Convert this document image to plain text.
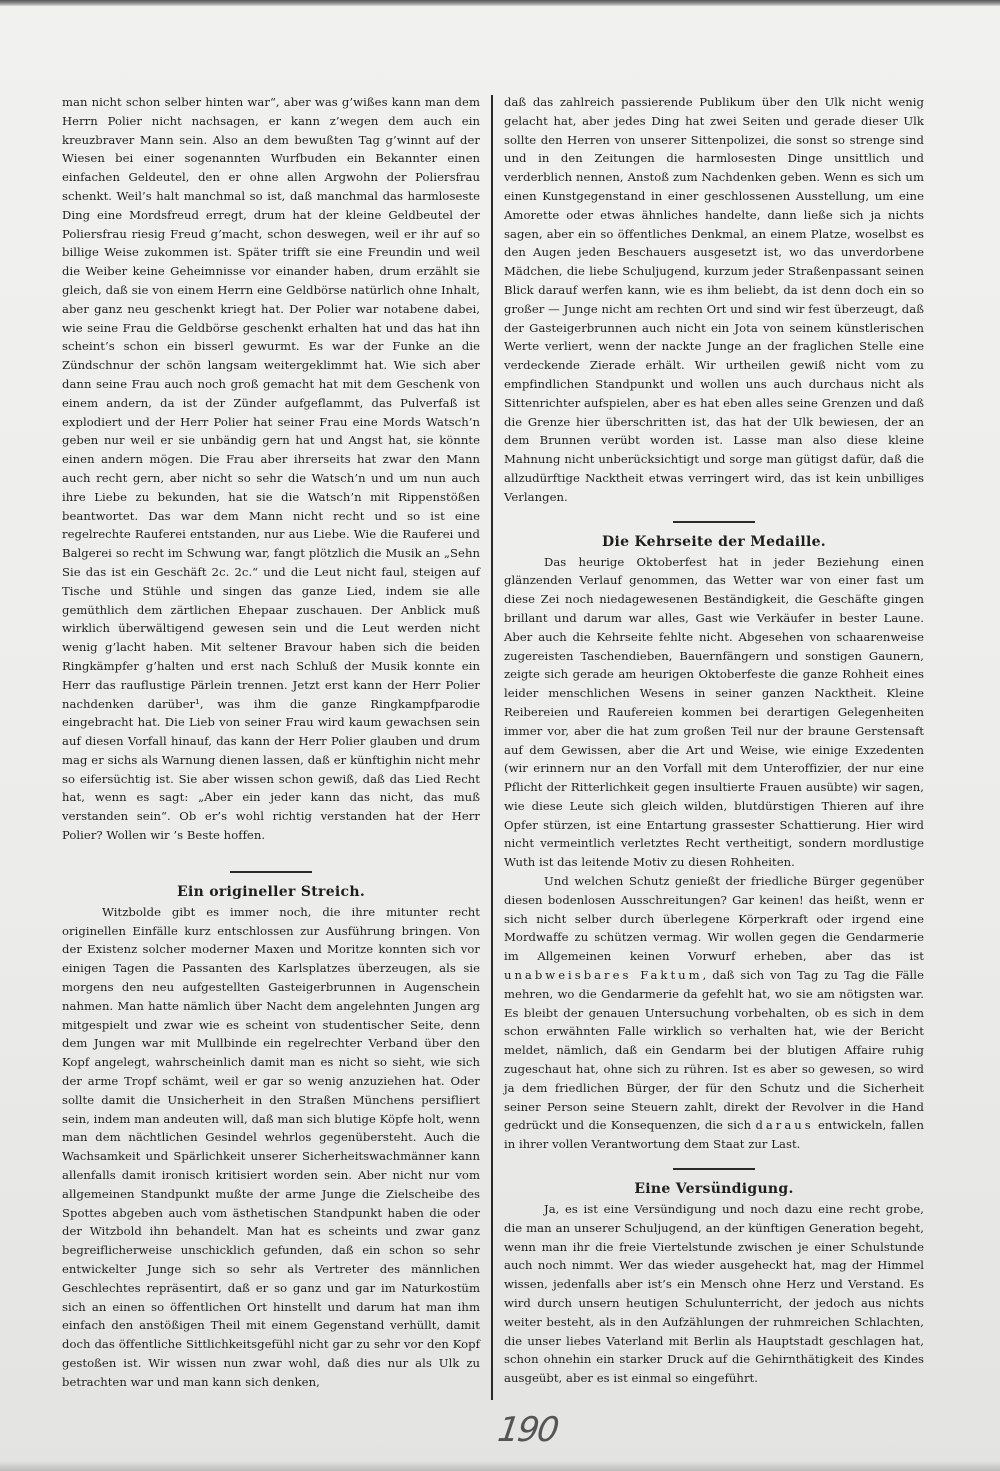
man nicht schon selber hinten war“, aber was g’wißes kann man dem Herrn Polier nicht nachsagen, er kann z’wegen dem auch ein kreuzbraver Mann sein. Also an dem bewußten Tag g’winnt auf der Wiesen bei einer sogenannten Wurfbuden ein Bekannter einen einfachen Geldeutel, den er ohne allen Argwohn der Poliersfrau schenkt. Weil’s halt manchmal so ist, daß manchmal das harmloseste Ding eine Mordsfreud erregt, drum hat der kleine Geldbeutel der Poliersfrau riesig Freud g’macht, schon deswegen, weil er ihr auf so billige Weise zukommen ist. Später trifft sie eine Freundin und weil die Weiber keine Geheimnisse vor einander haben, drum erzählt sie gleich, daß sie von einem Herrn eine Geldbörse natürlich ohne Inhalt, aber ganz neu geschenkt kriegt hat. Der Polier war notabene dabei, wie seine Frau die Geldbörse geschenkt erhalten hat und das hat ihn scheint’s schon ein bisserl gewurmt. Es war der Funke an die Zündschnur der schön langsam weitergeklimmt hat. Wie sich aber dann seine Frau auch noch groß gemacht hat mit dem Geschenk von einem andern, da ist der Zünder aufgeflammt, das Pulverfaß ist explodiert und der Herr Polier hat seiner Frau eine Mords Watsch’n geben nur weil er sie unbändig gern hat und Angst hat, sie könnte einen andern mögen. Die Frau aber ihrerseits hat zwar den Mann auch recht gern, aber nicht so sehr die Watsch’n und um nun auch ihre Liebe zu bekunden, hat sie die Watsch’n mit Rippenstößen beantwortet. Das war dem Mann nicht recht und so ist eine regelrechte Rauferei entstanden, nur aus Liebe. Wie die Rauferei und Balgerei so recht im Schwung war, fangt plötzlich die Musik an „Sehn Sie das ist ein Geschäft 2c. 2c.“ und die Leut nicht faul, steigen auf Tische und Stühle und singen das ganze Lied, indem sie alle gemüthlich dem zärtlichen Ehepaar zuschauen. Der Anblick muß wirklich überwältigend gewesen sein und die Leut werden nicht wenig g’lacht haben. Mit seltener Bravour haben sich die beiden Ringkämpfer g’halten und erst nach Schluß der Musik konnte ein Herr das rauflustige Pärlein trennen. Jetzt erst kann der Herr Polier nachdenken darüber¹, was ihm die ganze Ringkampfparodie eingebracht hat. Die Lieb von seiner Frau wird kaum gewachsen sein auf diesen Vorfall hinauf, das kann der Herr Polier glauben und drum mag er sichs als Warnung dienen lassen, daß er künftighin nicht mehr so eifersüchtig ist. Sie aber wissen schon gewiß, daß das Lied Recht hat, wenn es sagt: „Aber ein jeder kann das nicht, das muß verstanden sein“. Ob er’s wohl richtig verstanden hat der Herr Polier? Wollen wir ’s Beste hoffen.

Ein origineller Streich.

Witzbolde gibt es immer noch, die ihre mitunter recht originellen Einfälle kurz entschlossen zur Ausführung bringen. Von der Existenz solcher moderner Maxen und Moritze konnten sich vor einigen Tagen die Passanten des Karlsplatzes überzeugen, als sie morgens den neu aufgestellten Gasteigerbrunnen in Augenschein nahmen. Man hatte nämlich über Nacht dem angelehnten Jungen arg mitgespielt und zwar wie es scheint von studentischer Seite, denn dem Jungen war mit Mullbinde ein regelrechter Verband über den Kopf angelegt, wahrscheinlich damit man es nicht so sieht, wie sich der arme Tropf schämt, weil er gar so wenig anzuziehen hat. Oder sollte damit die Unsicherheit in den Straßen Münchens persifliert sein, indem man andeuten will, daß man sich blutige Köpfe holt, wenn man dem nächtlichen Gesindel wehrlos gegenübersteht. Auch die Wachsamkeit und Spärlichkeit unserer Sicherheitswachmänner kann allenfalls damit ironisch kritisiert worden sein. Aber nicht nur vom allgemeinen Standpunkt mußte der arme Junge die Zielscheibe des Spottes abgeben auch vom ästhetischen Standpunkt haben die oder der Witzbold ihn behandelt. Man hat es scheints und zwar ganz begreiflicherweise unschicklich gefunden, daß ein schon so sehr entwickelter Junge sich so sehr als Vertreter des männlichen Geschlechtes repräsentirt, daß er so ganz und gar im Naturkostüm sich an einen so öffentlichen Ort hinstellt und darum hat man ihm einfach den anstößigen Theil mit einem Gegenstand verhüllt, damit doch das öffentliche Sittlichkeitsgefühl nicht gar zu sehr vor den Kopf gestoßen ist. Wir wissen nun zwar wohl, daß dies nur als Ulk zu betrachten war und man kann sich denken,

daß das zahlreich passierende Publikum über den Ulk nicht wenig gelacht hat, aber jedes Ding hat zwei Seiten und gerade dieser Ulk sollte den Herren von unserer Sittenpolizei, die sonst so strenge sind und in den Zeitungen die harmlosesten Dinge unsittlich und verderblich nennen, Anstoß zum Nachdenken geben. Wenn es sich um einen Kunstgegenstand in einer geschlossenen Ausstellung, um eine Amorette oder etwas ähnliches handelte, dann ließe sich ja nichts sagen, aber ein so öffentliches Denkmal, an einem Platze, woselbst es den Augen jeden Beschauers ausgesetzt ist, wo das unverdorbene Mädchen, die liebe Schuljugend, kurzum jeder Straßenpassant seinen Blick darauf werfen kann, wie es ihm beliebt, da ist denn doch ein so großer — Junge nicht am rechten Ort und sind wir fest überzeugt, daß der Gasteigerbrunnen auch nicht ein Jota von seinem künstlerischen Werte verliert, wenn der nackte Junge an der fraglichen Stelle eine verdeckende Zierade erhält. Wir urtheilen gewiß nicht vom zu empfindlichen Standpunkt und wollen uns auch durchaus nicht als Sittenrichter aufspielen, aber es hat eben alles seine Grenzen und daß die Grenze hier überschritten ist, das hat der Ulk bewiesen, der an dem Brunnen verübt worden ist. Lasse man also diese kleine Mahnung nicht unberücksichtigt und sorge man gütigst dafür, daß die allzudürftige Nacktheit etwas verringert wird, das ist kein unbilliges Verlangen.

Die Kehrseite der Medaille.

Das heurige Oktoberfest hat in jeder Beziehung einen glänzenden Verlauf genommen, das Wetter war von einer fast um diese Zei noch niedagewesenen Beständigkeit, die Geschäfte gingen brillant und darum war alles, Gast wie Verkäufer in bester Laune. Aber auch die Kehrseite fehlte nicht. Abgesehen von schaarenweise zugereisten Taschendieben, Bauernfängern und sonstigen Gaunern, zeigte sich gerade am heurigen Oktoberfeste die ganze Rohheit eines leider menschlichen Wesens in seiner ganzen Nacktheit. Kleine Reibereien und Raufereien kommen bei derartigen Gelegenheiten immer vor, aber die hat zum großen Teil nur der braune Gerstensaft auf dem Gewissen, aber die Art und Weise, wie einige Exzedenten (wir erinnern nur an den Vorfall mit dem Unteroffizier, der nur eine Pflicht der Ritterlichkeit gegen insultierte Frauen ausübte) wir sagen, wie diese Leute sich gleich wilden, blutdürstigen Thieren auf ihre Opfer stürzen, ist eine Entartung grassester Schattierung. Hier wird nicht vermeintlich verletztes Recht vertheitigt, sondern mordlustige Wuth ist das leitende Motiv zu diesen Rohheiten.

Und welchen Schutz genießt der friedliche Bürger gegenüber diesen bodenlosen Ausschreitungen? Gar keinen! das heißt, wenn er sich nicht selber durch überlegene Körperkraft oder irgend eine Mordwaffe zu schützen vermag. Wir wollen gegen die Gendarmerie im Allgemeinen keinen Vorwurf erheben, aber das ist unabweisbares Faktum, daß sich von Tag zu Tag die Fälle mehren, wo die Gendarmerie da gefehlt hat, wo sie am nötigsten war. Es bleibt der genauen Untersuchung vorbehalten, ob es sich in dem schon erwähnten Falle wirklich so verhalten hat, wie der Bericht meldet, nämlich, daß ein Gendarm bei der blutigen Affaire ruhig zugeschaut hat, ohne sich zu rühren. Ist es aber so gewesen, so wird ja dem friedlichen Bürger, der für den Schutz und die Sicherheit seiner Person seine Steuern zahlt, direkt der Revolver in die Hand gedrückt und die Konsequenzen, die sich daraus entwickeln, fallen in ihrer vollen Verantwortung dem Staat zur Last.

Eine Versündigung.

Ja, es ist eine Versündigung und noch dazu eine recht grobe, die man an unserer Schuljugend, an der künftigen Generation begeht, wenn man ihr die freie Viertelstunde zwischen je einer Schulstunde auch noch nimmt. Wer das wieder ausgeheckt hat, mag der Himmel wissen, jedenfalls aber ist’s ein Mensch ohne Herz und Verstand. Es wird durch unsern heutigen Schulunterricht, der jedoch aus nichts weiter besteht, als in den Aufzählungen der ruhmreichen Schlachten, die unser liebes Vaterland mit Berlin als Hauptstadt geschlagen hat, schon ohnehin ein starker Druck auf die Gehirnthätigkeit des Kindes ausgeübt, aber es ist einmal so eingeführt.

190
